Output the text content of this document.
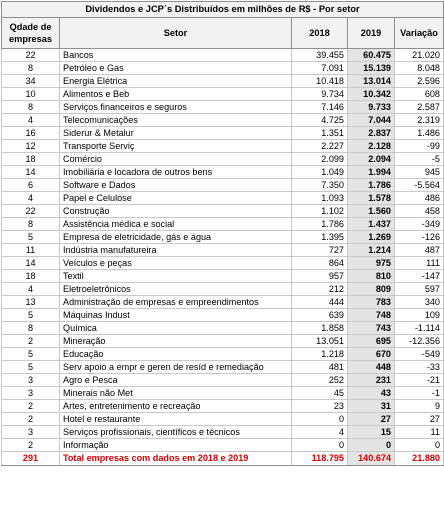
Dividendos e JCP´s Distribuídos em milhões de R$ - Por setor				
Qdade de empresas	Setor	2018	2019	Variação
22	Bancos	39.455	60.475	21.020
8	Petróleo e Gas	7.091	15.139	8.048
34	Energia Elétrica	10.418	13.014	2.596
10	Alimentos e Beb	9.734	10.342	608
8	Serviços financeiros e seguros	7.146	9.733	2.587
4	Telecomunicações	4.725	7.044	2.319
16	Siderur & Metalur	1.351	2.837	1.486
12	Transporte Serviç	2.227	2.128	-99
18	Comércio	2.099	2.094	-5
14	Imobiliária e locadora de outros bens	1.049	1.994	945
6	Software e Dados	7.350	1.786	-5.564
4	Papel e Celulose	1.093	1.578	486
22	Construção	1.102	1.560	458
8	Assistência médica e social	1.786	1.437	-349
5	Empresa de eletricidade, gás e água	1.395	1.269	-126
11	Indústria manufatureira	727	1.214	487
14	Veículos e peças	864	975	111
18	Textil	957	810	-147
4	Eletroeletrônicos	212	809	597
13	Administração de empresas e empreendimentos	444	783	340
5	Máquinas Indust	639	748	109
8	Química	1.858	743	-1.114
2	Mineração	13.051	695	-12.356
5	Educação	1.218	670	-549
5	Serv apoio a empr e geren de resíd e remediação	481	448	-33
3	Agro e Pesca	252	231	-21
3	Minerais não Met	45	43	-1
2	Artes, entretenimento e recreação	23	31	9
2	Hotel e restaurante	0	27	27
3	Serviços profissionais, científicos e técnicos	4	15	11
2	Informação	0	0	0
291	Total empresas com dados em 2018 e 2019	118.795	140.674	21.880
